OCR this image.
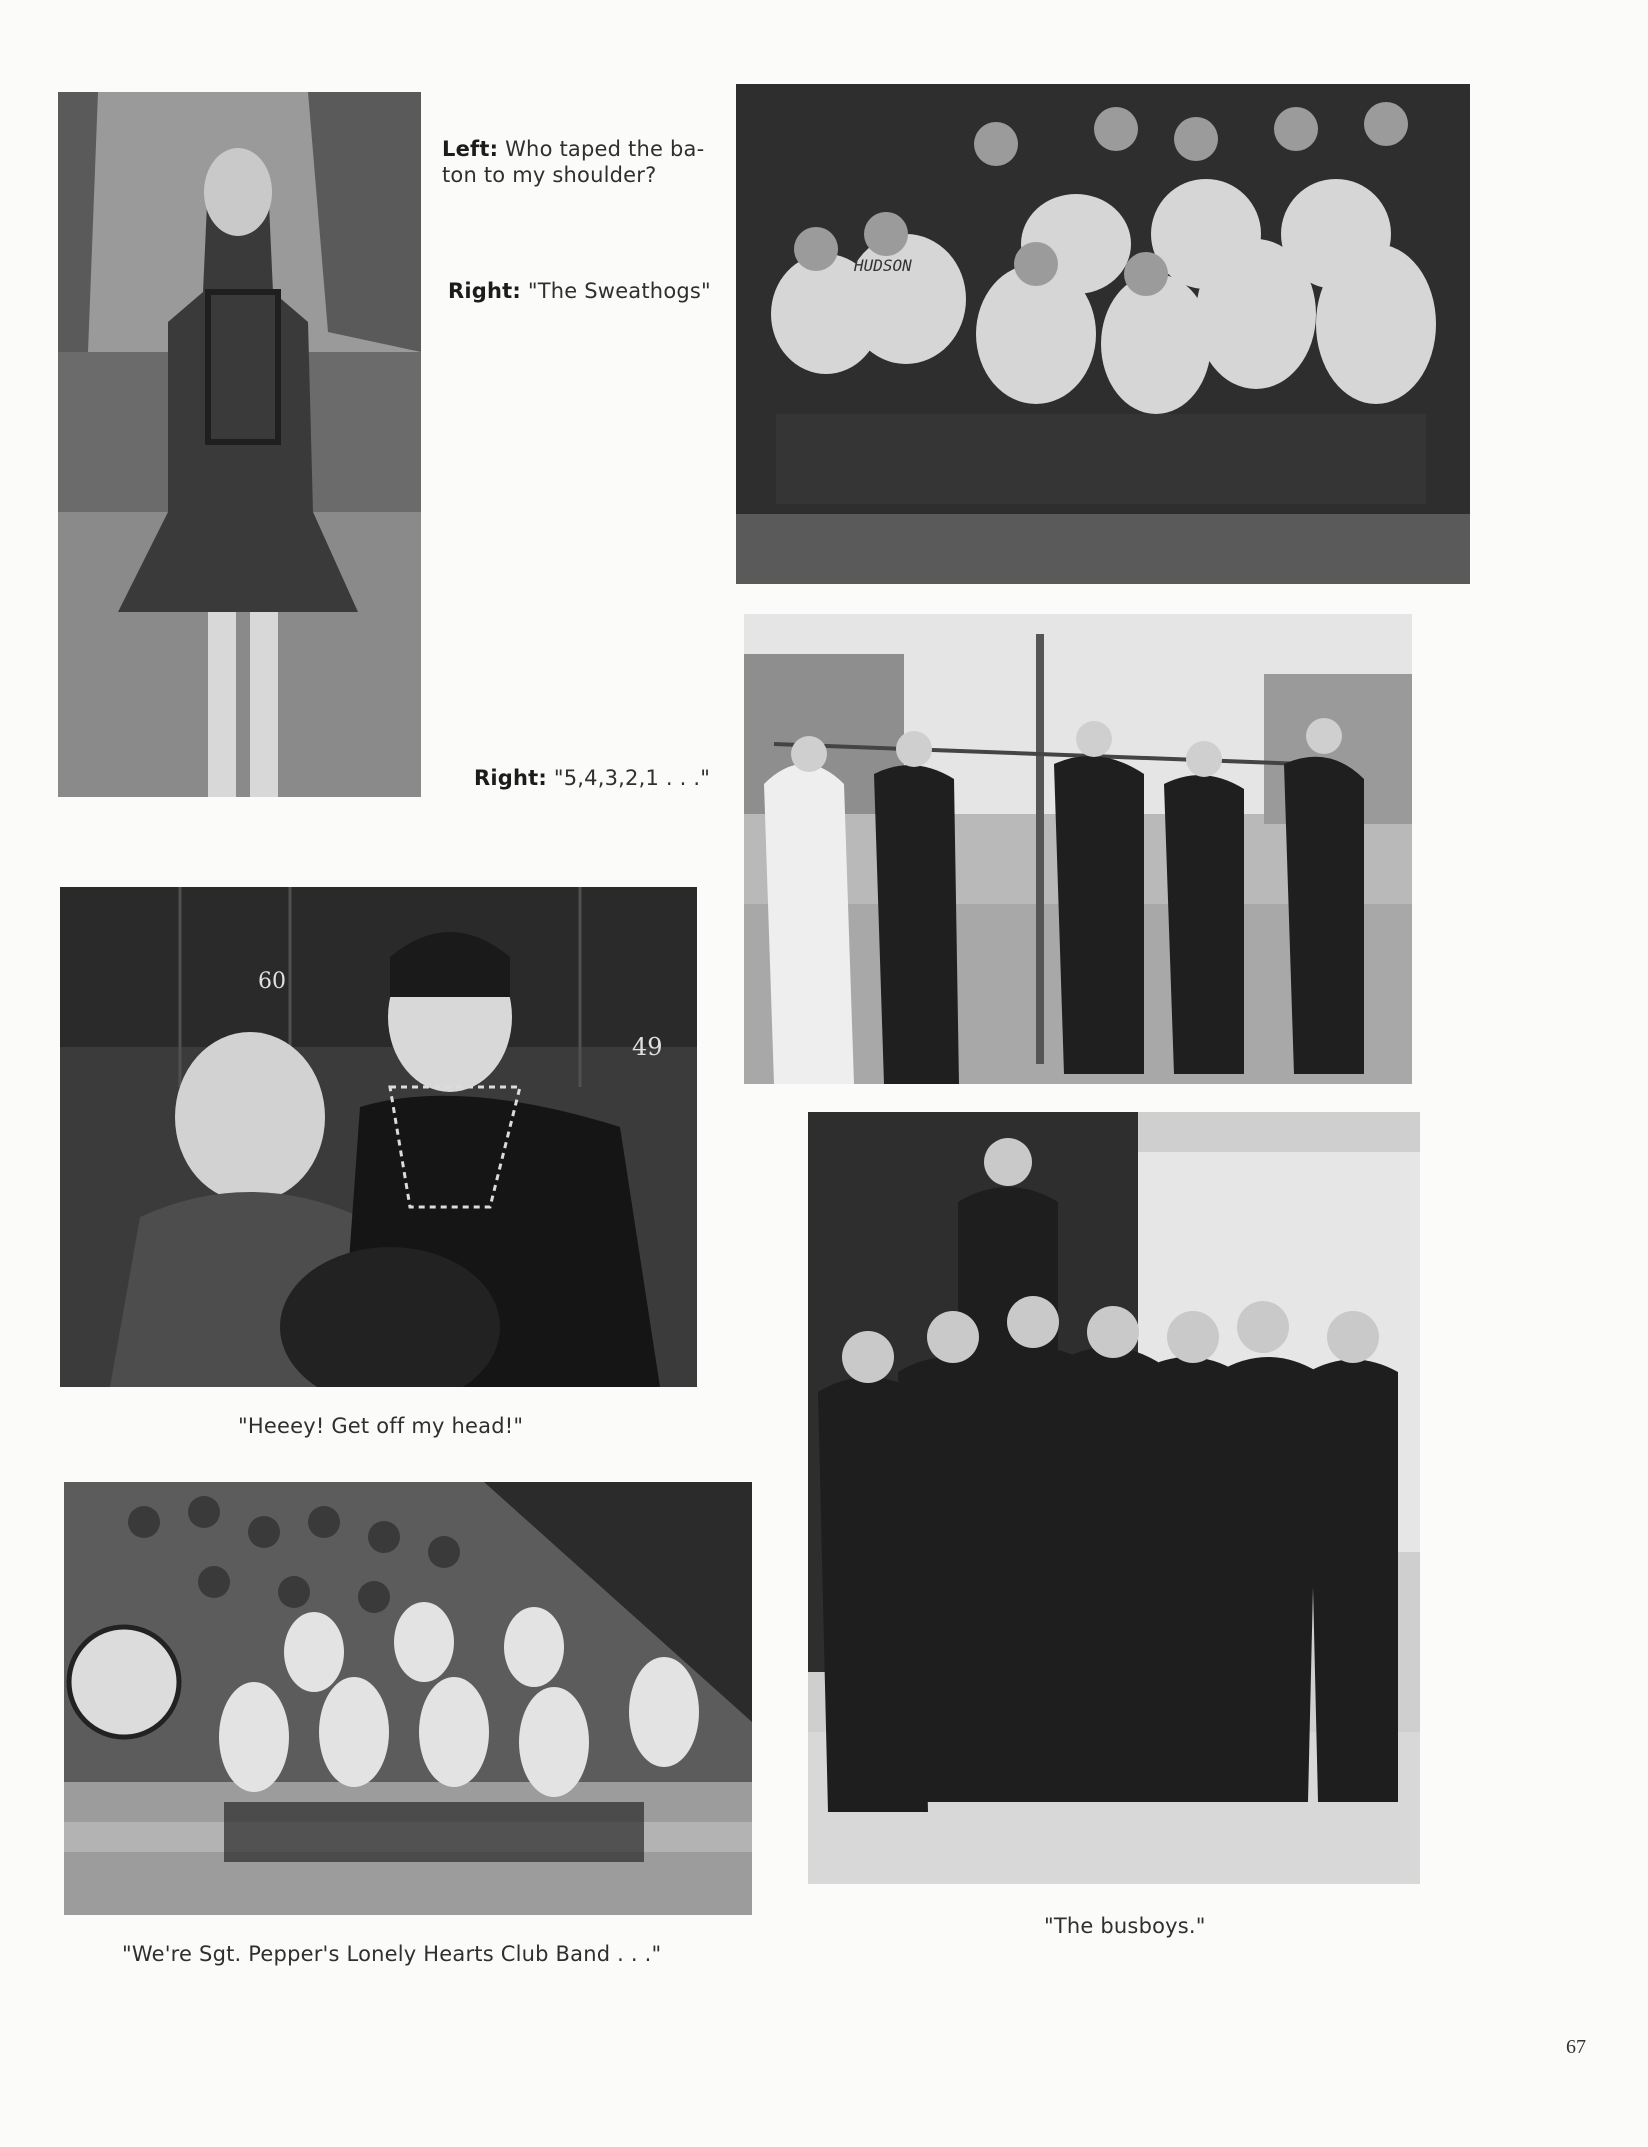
Left: Who taped the ba- ton to my shoulder?
Right: "The Sweathogs"
Right: "5,4,3,2,1 . . ."
HUDSON
60
49
"Heeey! Get off my head!"
"We're Sgt. Pepper's Lonely Hearts Club Band . . ."
"The busboys."
67
